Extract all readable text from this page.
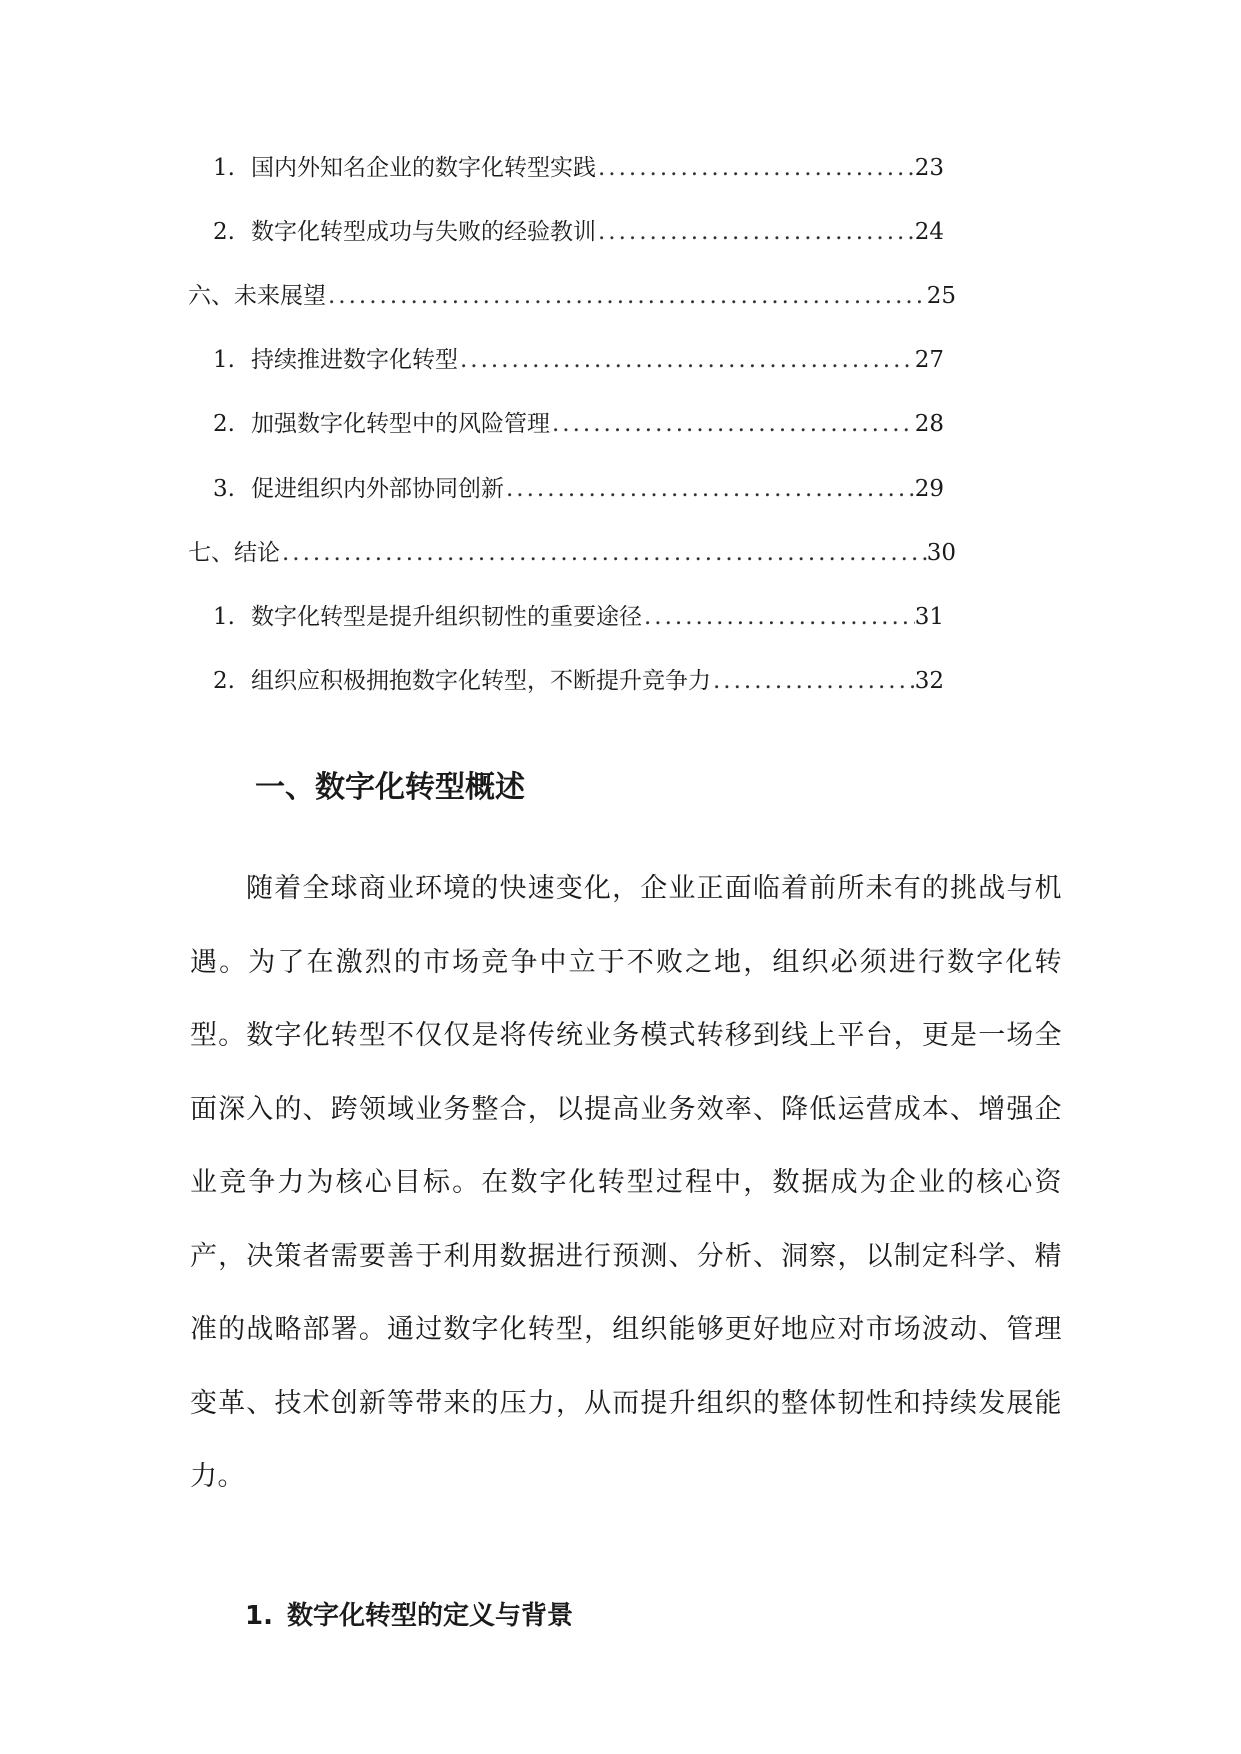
1. 国内外知名企业的数字化转型实践 .....	23
2. 数字化转型成功与失败的经验教训 .....	24
六、未来展望 .....	25
1. 持续推进数字化转型 .....	27
2. 加强数字化转型中的风险管理 .....	28
3. 促进组织内外部协同创新 .....	29
七、结论 .....	30
1. 数字化转型是提升组织韧性的重要途径 .....	31
2. 组织应积极拥抱数字化转型，不断提升竞争力 .....	32
一、数字化转型概述

随着全球商业环境的快速变化，企业正面临着前所未有的挑战与机遇。为了在激烈的市场竞争中立于不败之地，组织必须进行数字化转型。数字化转型不仅仅是将传统业务模式转移到线上平台，更是一场全面深入的、跨领域业务整合，以提高业务效率、降低运营成本、增强企业竞争力为核心目标。在数字化转型过程中，数据成为企业的核心资产，决策者需要善于利用数据进行预测、分析、洞察，以制定科学、精准的战略部署。通过数字化转型，组织能够更好地应对市场波动、管理变革、技术创新等带来的压力，从而提升组织的整体韧性和持续发展能力。

1. 数字化转型的定义与背景
